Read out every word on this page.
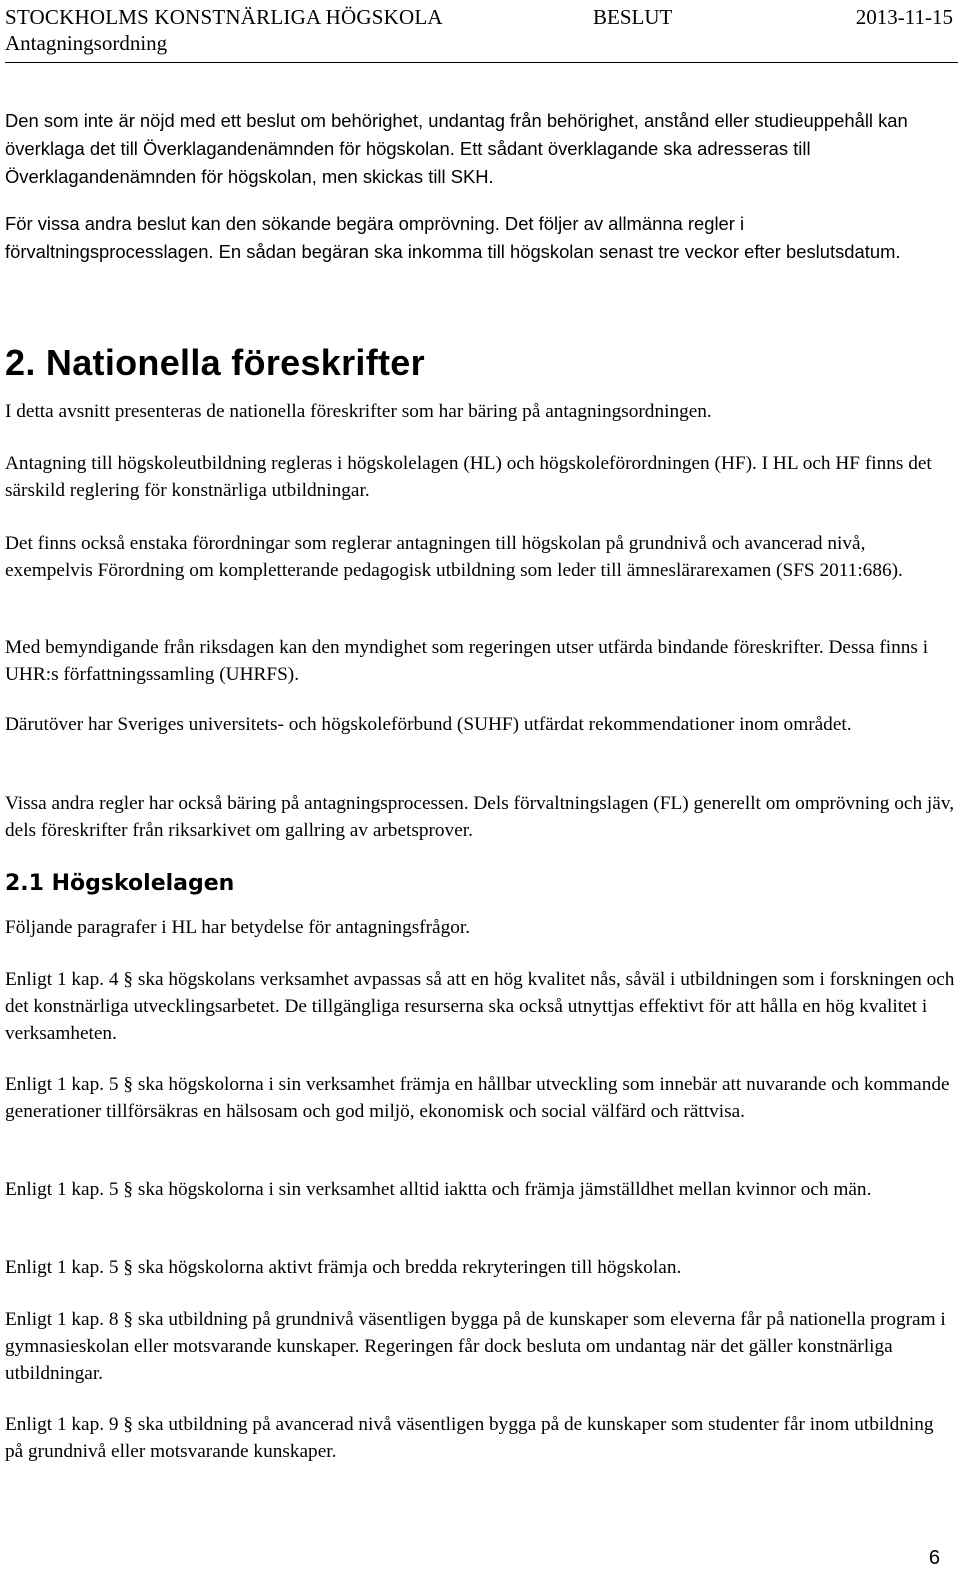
STOCKHOLMS KONSTNÄRLIGA HÖGSKOLA	BESLUT	2013-11-15
Antagningsordning

Den som inte är nöjd med ett beslut om behörighet, undantag från behörighet, anstånd eller studieuppehåll kan överklaga det till Överklagandenämnden för högskolan. Ett sådant överklagande ska adresseras till Överklagandenämnden för högskolan, men skickas till SKH.

För vissa andra beslut kan den sökande begära omprövning. Det följer av allmänna regler i förvaltningsprocesslagen. En sådan begäran ska inkomma till högskolan senast tre veckor efter beslutsdatum.

2. Nationella föreskrifter

I detta avsnitt presenteras de nationella föreskrifter som har bäring på antagningsordningen.

Antagning till högskoleutbildning regleras i högskolelagen (HL) och högskoleförordningen (HF). I HL och HF finns det särskild reglering för konstnärliga utbildningar.

Det finns också enstaka förordningar som reglerar antagningen till högskolan på grundnivå och avancerad nivå, exempelvis Förordning om kompletterande pedagogisk utbildning som leder till ämneslärarexamen (SFS 2011:686).

Med bemyndigande från riksdagen kan den myndighet som regeringen utser utfärda bindande föreskrifter. Dessa finns i UHR:s författningssamling (UHRFS).

Därutöver har Sveriges universitets- och högskoleförbund (SUHF) utfärdat rekommendationer inom området.

Vissa andra regler har också bäring på antagningsprocessen. Dels förvaltningslagen (FL) generellt om omprövning och jäv, dels föreskrifter från riksarkivet om gallring av arbetsprover.

2.1 Högskolelagen

Följande paragrafer i HL har betydelse för antagningsfrågor.

Enligt 1 kap. 4 § ska högskolans verksamhet avpassas så att en hög kvalitet nås, såväl i utbildningen som i forskningen och det konstnärliga utvecklingsarbetet. De tillgängliga resurserna ska också utnyttjas effektivt för att hålla en hög kvalitet i verksamheten.

Enligt 1 kap. 5 § ska högskolorna i sin verksamhet främja en hållbar utveckling som innebär att nuvarande och kommande generationer tillförsäkras en hälsosam och god miljö, ekonomisk och social välfärd och rättvisa.

Enligt 1 kap. 5 § ska högskolorna i sin verksamhet alltid iaktta och främja jämställdhet mellan kvinnor och män.

Enligt 1 kap. 5 § ska högskolorna aktivt främja och bredda rekryteringen till högskolan.

Enligt 1 kap. 8 § ska utbildning på grundnivå väsentligen bygga på de kunskaper som eleverna får på nationella program i gymnasieskolan eller motsvarande kunskaper. Regeringen får dock besluta om undantag när det gäller konstnärliga utbildningar.

Enligt 1 kap. 9 § ska utbildning på avancerad nivå väsentligen bygga på de kunskaper som studenter får inom utbildning på grundnivå eller motsvarande kunskaper.

6
